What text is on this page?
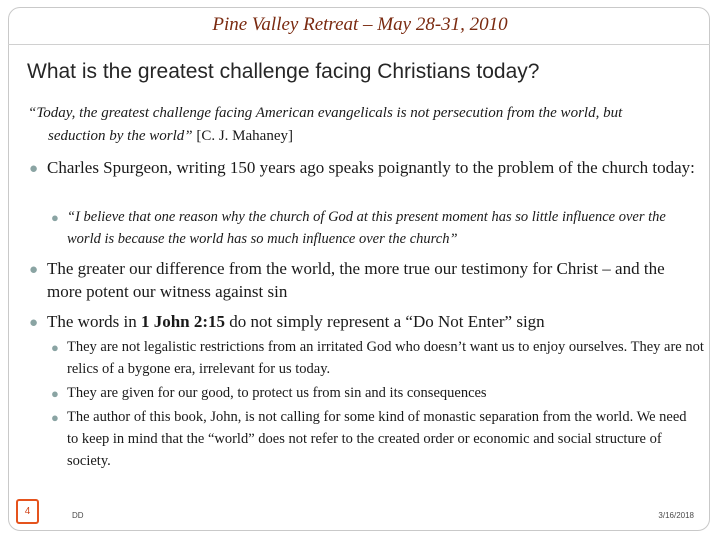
Pine Valley Retreat – May 28-31, 2010
What is the greatest challenge facing Christians today?
“Today, the greatest challenge facing American evangelicals is not persecution from the world, but
seduction by the world” [C. J. Mahaney]
● Charles Spurgeon, writing 150 years ago speaks poignantly to the problem of the church today:
● “I believe that one reason why the church of God at this present moment has so little influence over the world is because the world has so much influence over the church”
● The greater our difference from the world, the more true our testimony for Christ – and the more potent our witness against sin
● The words in 1 John 2:15 do not simply represent a “Do Not Enter” sign
● They are not legalistic restrictions from an irritated God who doesn’t want us to enjoy ourselves. They are not relics of a bygone era, irrelevant for us today.
● They are given for our good, to protect us from sin and its consequences
● The author of this book, John, is not calling for some kind of monastic separation from the world. We need to keep in mind that the “world” does not refer to the created order or economic and social structure of society.
4	DD	3/16/2018
